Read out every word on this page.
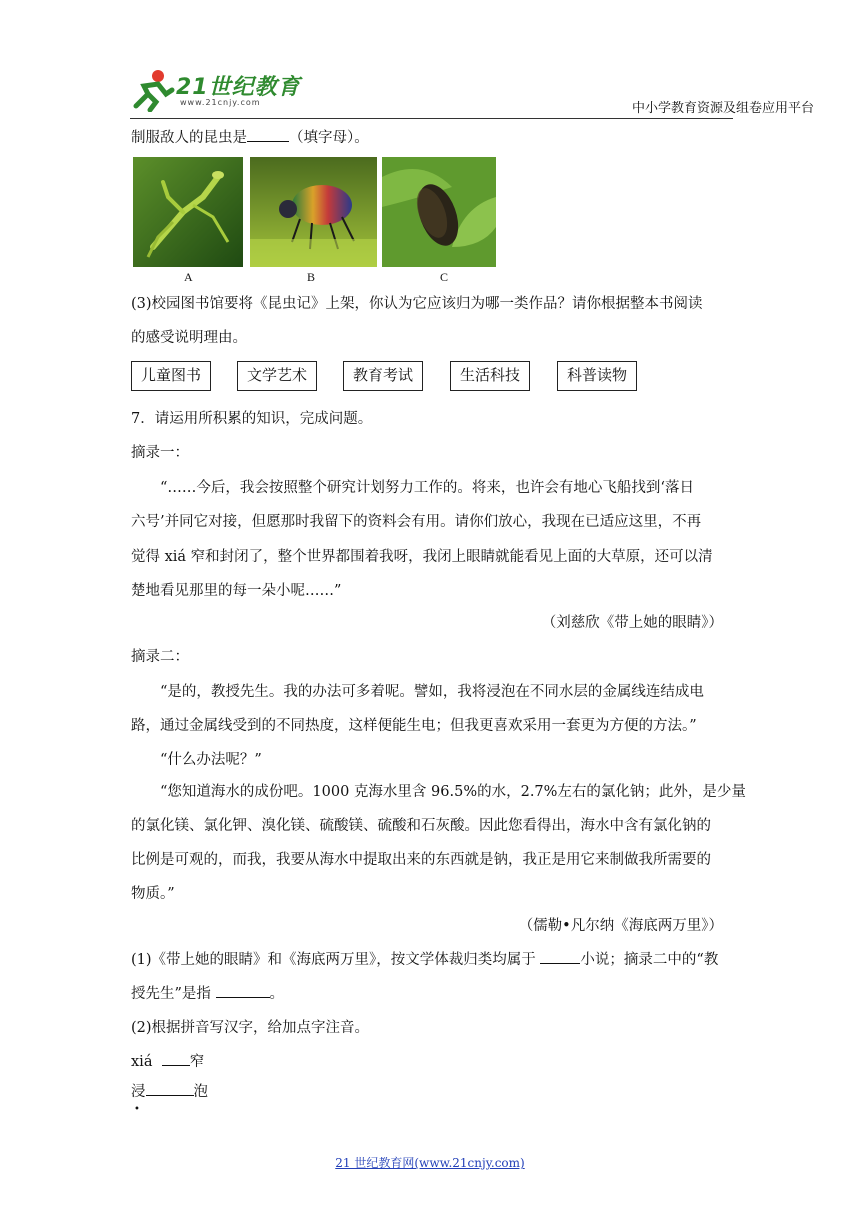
21世纪教育
www.21cnjy.com	中小学教育资源及组卷应用平台
制服敌人的昆虫是	（填字母）。
A	B	C
(3)校园图书馆要将《昆虫记》上架，你认为它应该归为哪一类作品？请你根据整本书阅读
的感受说明理由。
儿童图书	文学艺术	教育考试	生活科技	科普读物
7．请运用所积累的知识，完成问题。
摘录一：
“……今后，我会按照整个研究计划努力工作的。将来，也许会有地心飞船找到‘落日
六号’并同它对接，但愿那时我留下的资料会有用。请你们放心，我现在已适应这里，不再
觉得 xiá 窄和封闭了，整个世界都围着我呀，我闭上眼睛就能看见上面的大草原，还可以清
楚地看见那里的每一朵小呢……”
（刘慈欣《带上她的眼睛》）
摘录二：
“是的，教授先生。我的办法可多着呢。譬如，我将浸泡在不同水层的金属线连结成电
路，通过金属线受到的不同热度，这样便能生电；但我更喜欢采用一套更为方便的方法。”
“什么办法呢？”
“您知道海水的成份吧。1000 克海水里含 96.5%的水，2.7%左右的氯化钠；此外，是少量
的氯化镁、氯化钾、溴化镁、硫酸镁、硫酸和石灰酸。因此您看得出，海水中含有氯化钠的
比例是可观的，而我，我要从海水中提取出来的东西就是钠，我正是用它来制做我所需要的
物质。”
（儒勒•凡尔纳《海底两万里》）
(1)《带上她的眼睛》和《海底两万里》，按文学体裁归类均属于	小说；摘录二中的“教
授先生”是指	。
(2)根据拼音写汉字，给加点字注音。
xiá	窄
浸	泡
•
21 世纪教育网(www.21cnjy.com)
